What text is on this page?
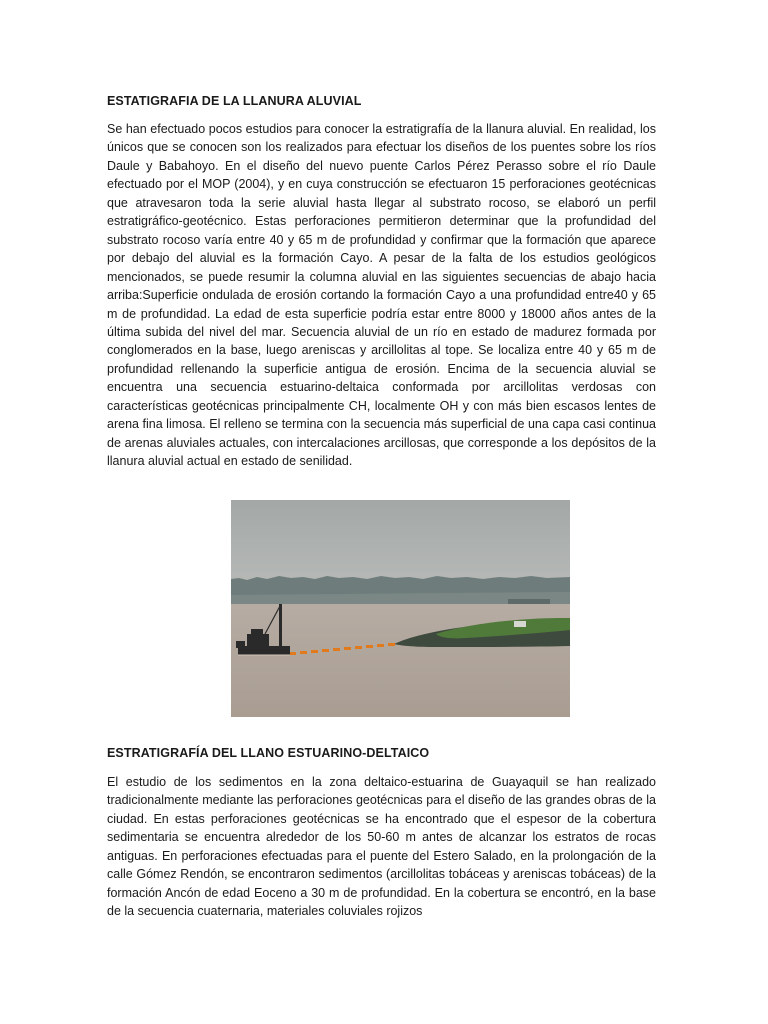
ESTATIGRAFIA DE LA LLANURA ALUVIAL

Se han efectuado pocos estudios para conocer la estratigrafía de la llanura aluvial. En realidad, los únicos que se conocen son los realizados para efectuar los diseños de los puentes sobre los ríos Daule y Babahoyo. En el diseño del nuevo puente Carlos Pérez Perasso sobre el río Daule efectuado por el MOP (2004), y en cuya construcción se efectuaron 15 perforaciones geotécnicas que atravesaron toda la serie aluvial hasta llegar al substrato rocoso, se elaboró un perfil estratigráfico-geotécnico. Estas perforaciones permitieron determinar que la profundidad del substrato rocoso varía entre 40 y 65 m de profundidad y confirmar que la formación que aparece por debajo del aluvial es la formación Cayo. A pesar de la falta de los estudios geológicos mencionados, se puede resumir la columna aluvial en las siguientes secuencias de abajo hacia arriba:Superficie ondulada de erosión cortando la formación Cayo a una profundidad entre40 y 65 m de profundidad. La edad de esta superficie podría estar entre 8000 y 18000 años antes de la última subida del nivel del mar. Secuencia aluvial de un río en estado de madurez formada por conglomerados en la base, luego areniscas y arcillolitas al tope. Se localiza entre 40 y 65 m de profundidad rellenando la superficie antigua de erosión. Encima de la secuencia aluvial se encuentra una secuencia estuarino-deltaica conformada por arcillolitas verdosas con características geotécnicas principalmente CH, localmente OH y con más bien escasos lentes de arena fina limosa. El relleno se termina con la secuencia más superficial de una capa casi continua de arenas aluviales actuales, con intercalaciones arcillosas, que corresponde a los depósitos de la llanura aluvial actual en estado de senilidad.

ESTRATIGRAFÍA DEL LLANO ESTUARINO-DELTAICO

El estudio de los sedimentos en la zona deltaico-estuarina de Guayaquil se han realizado tradicionalmente mediante las perforaciones geotécnicas para el diseño de las grandes obras de la ciudad. En estas perforaciones geotécnicas se ha encontrado que el espesor de la cobertura sedimentaria se encuentra alrededor de los 50-60 m antes de alcanzar los estratos de rocas antiguas. En perforaciones efectuadas para el puente del Estero Salado, en la prolongación de la calle Gómez Rendón, se encontraron sedimentos (arcillolitas tobáceas y areniscas tobáceas) de la formación Ancón de edad Eoceno a 30 m de profundidad. En la cobertura se encontró, en la base de la secuencia cuaternaria, materiales coluviales rojizos
